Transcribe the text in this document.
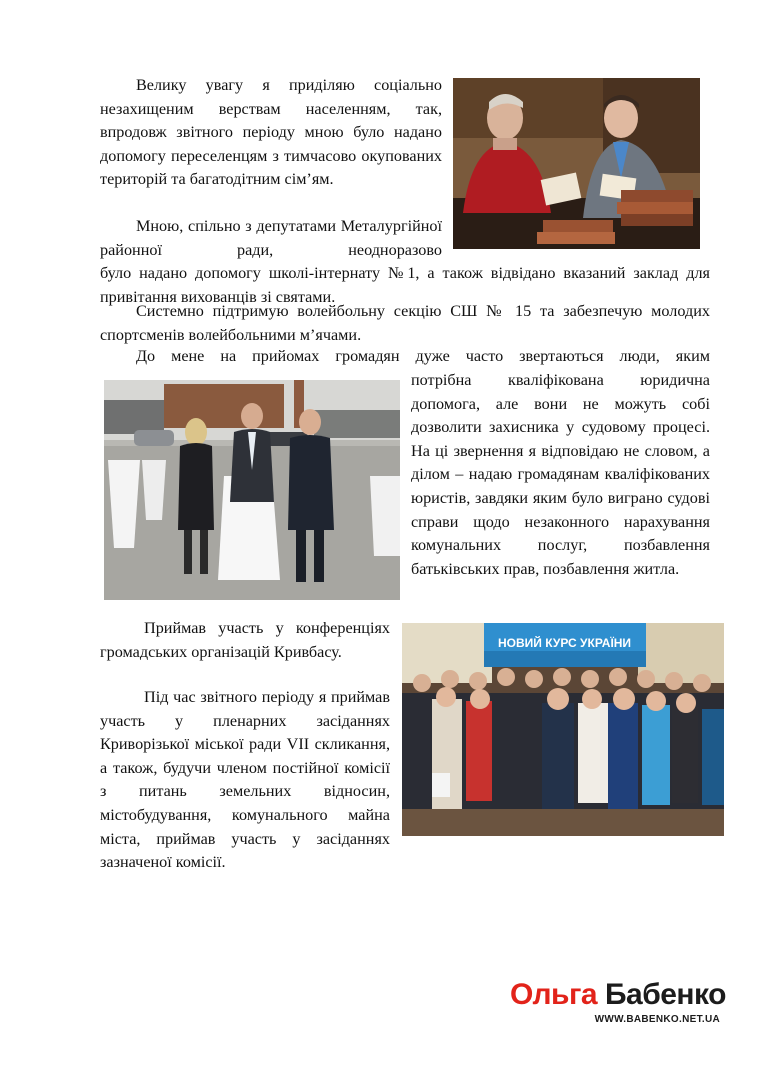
Велику увагу я приділяю соціально незахищеним верствам населенням, так, впродовж звітного періоду мною було надано допомогу переселенцям з тимчасово окупованих територій та багатодітним сім’ям.

Мною, спільно з депутатами Металургійної районної ради, неодноразово

було надано допомогу школі-інтернату №1, а також відвідано вказаний заклад для привітання вихованців зі святами.

Системно підтримую волейбольну секцію СШ № 15 та забезпечую молодих спортсменів волейбольними м’ячами.

До мене на прийомах громадян дуже часто звертаються люди, яким

потрібна кваліфікована юридична допомога, але вони не можуть собі дозволити захисника у судовому процесі. На ці звернення я відповідаю не словом, а ділом – надаю громадянам кваліфікованих юристів, завдяки яким було виграно судові справи щодо незаконного нарахування комунальних послуг, позбавлення батьківських прав, позбавлення житла.

Приймав участь у конференціях громадських організацій Кривбасу.

Під час звітного періоду я приймав участь у пленарних засіданнях Криворізької міської ради VII скликання, а також, будучи членом постійної комісії з питань земельних відносин, містобудування, комунального майна міста, приймав участь у засіданнях зазначеної комісії.

НОВИЙ КУРС УКРАЇНИ
Ольга Бабенко
WWW.BABENKO.NET.UA
